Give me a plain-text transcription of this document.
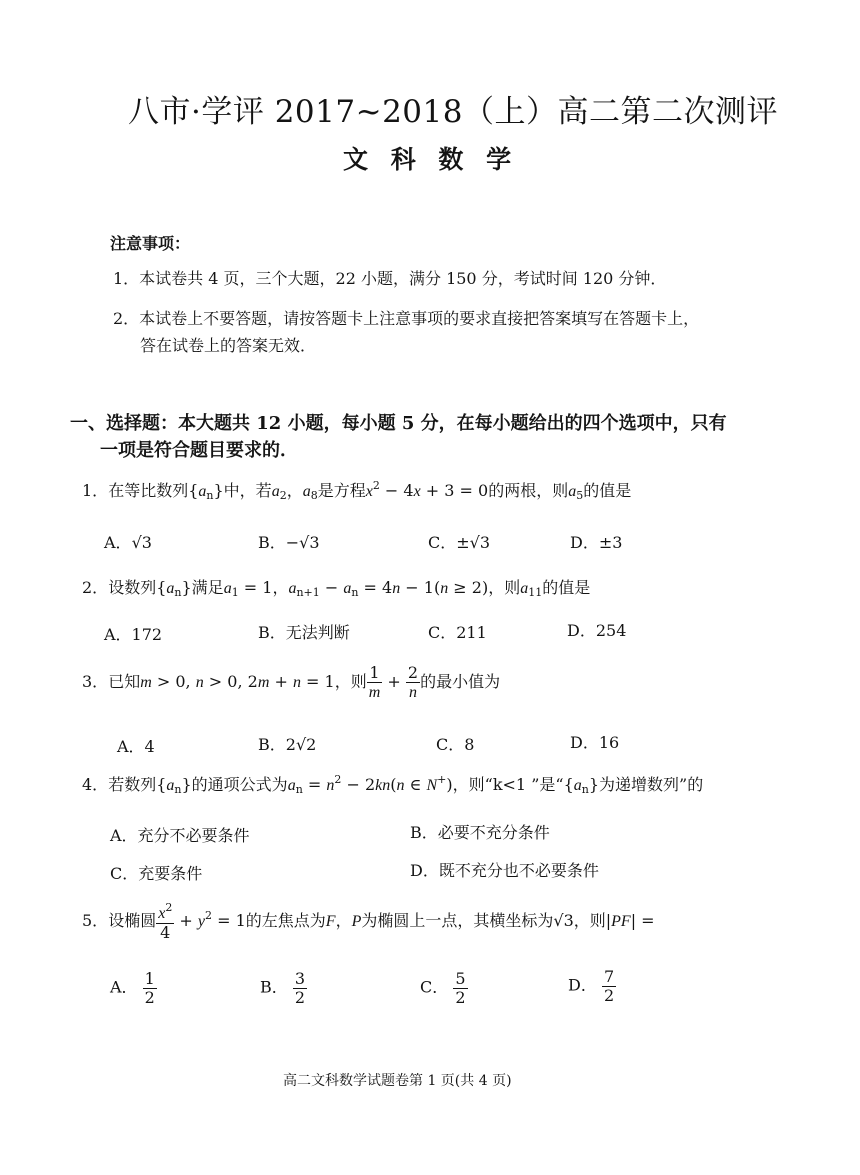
八市·学评 2017~2018（上）高二第二次测评
文 科 数 学
注意事项：
1．本试卷共 4 页，三个大题，22 小题，满分 150 分，考试时间 120 分钟．
2．本试卷上不要答题，请按答题卡上注意事项的要求直接把答案填写在答题卡上，
答在试卷上的答案无效．
一、选择题：本大题共 12 小题，每小题 5 分，在每小题给出的四个选项中，只有
一项是符合题目要求的．
1．在等比数列$\{a_n\}$中，若$a_2$，$a_8$是方程$x^2 - 4x + 3 = 0$的两根，则$a_5$的值是
A．√3	B．−√3	C．±√3	D．±3
2．设数列$\{a_n\}$满足$a_1 = 1$，$a_{n+1} - a_n = 4n - 1(n \ge 2)$，则$a_{11}$的值是
A．172	B．无法判断	C．211	D．254
3．已知m > 0, n > 0, 2m + n = 1，则 $\frac{1}{m} + \frac{2}{n}$ 的最小值为
A．4	B．2√2	C．8	D．16
4．若数列$\{a_n\}$的通项公式为$a_n = n^2 - 2kn(n$ ∈ N+)，则“k<1 ”是“$\{a_n\}$为递增数列”的
A．充分不必要条件	B．必要不充分条件
C．充要条件	D．既不充分也不必要条件
5．设椭圆 $\frac{x^2}{4} + y^2 = 1$的左焦点为F，P为椭圆上一点，其横坐标为√3，则|PF| =
A． $\frac{1}{2}$	B． $\frac{3}{2}$	C． $\frac{5}{2}$	D． $\frac{7}{2}$
高二文科数学试题卷第 1 页(共 4 页)
